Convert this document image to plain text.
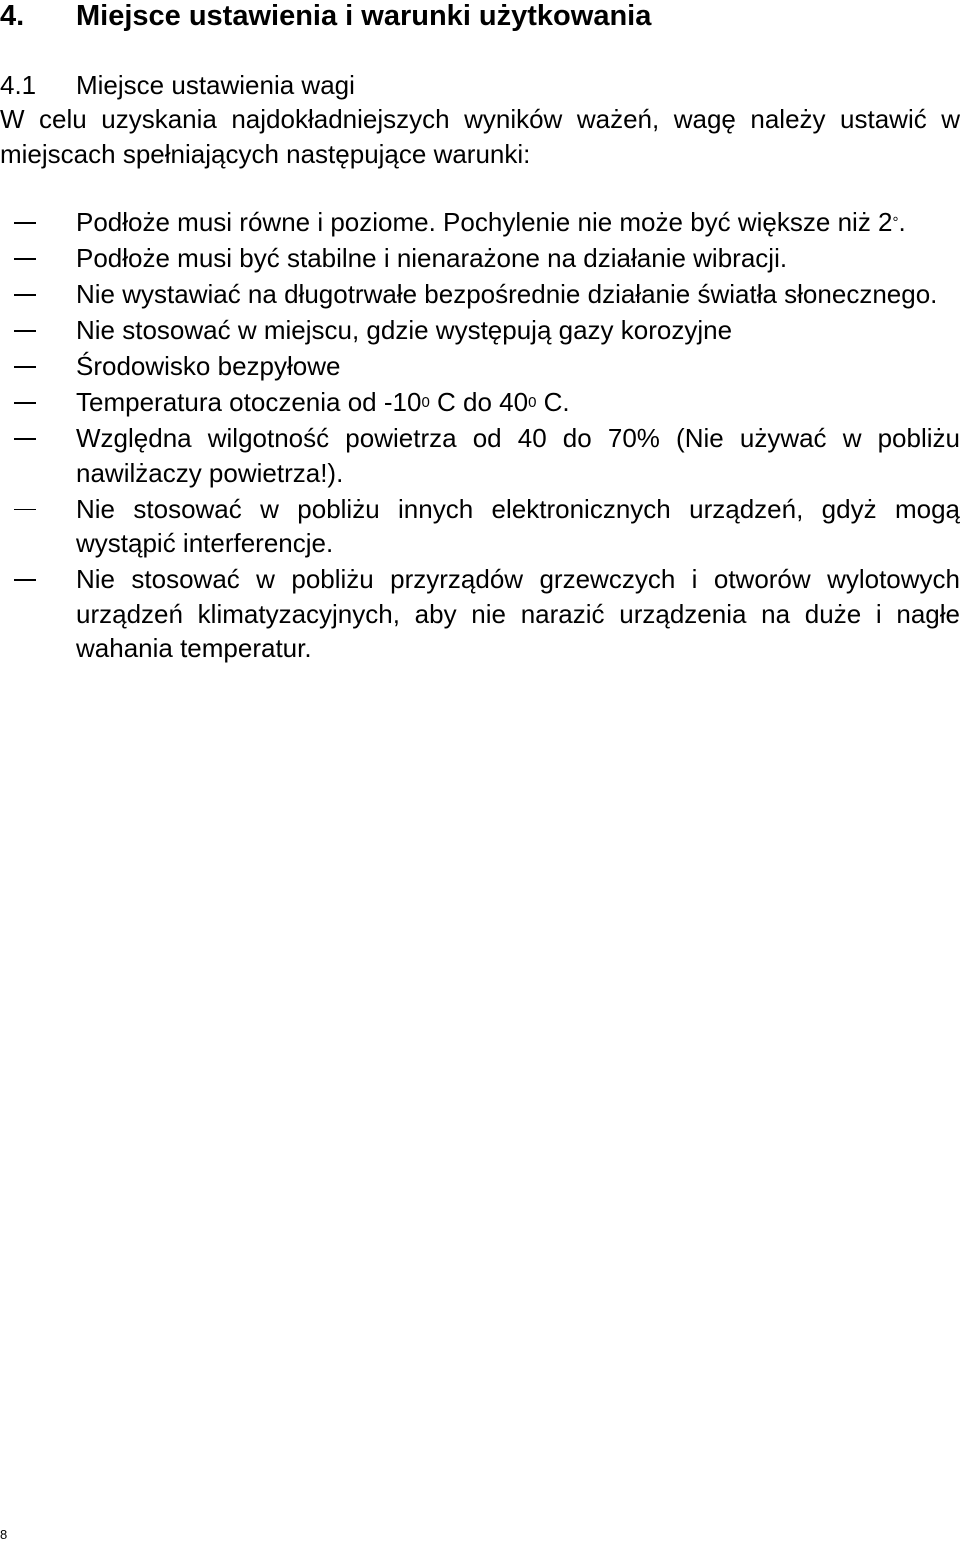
4. Miejsce ustawienia i warunki użytkowania
4.1 Miejsce ustawienia wagi
W celu uzyskania najdokładniejszych wyników ważeń, wagę należy ustawić w miejscach spełniających następujące warunki:
Podłoże musi równe i poziome. Pochylenie nie może być większe niż 2°.
Podłoże musi być stabilne i nienarażone na działanie wibracji.
Nie wystawiać na długotrwałe bezpośrednie działanie światła słonecznego.
Nie stosować w miejscu, gdzie występują gazy korozyjne
Środowisko bezpyłowe
Temperatura otoczenia od $-10^0$ C do $40^0$ C.
Względna wilgotność powietrza od 40 do 70% (Nie używać w pobliżu nawilżaczy powietrza!).
Nie stosować w pobliżu innych elektronicznych urządzeń, gdyż mogą wystąpić interferencje.
Nie stosować w pobliżu przyrządów grzewczych i otworów wylotowych urządzeń klimatyzacyjnych, aby nie narazić urządzenia na duże i nagłe wahania temperatur.
8
